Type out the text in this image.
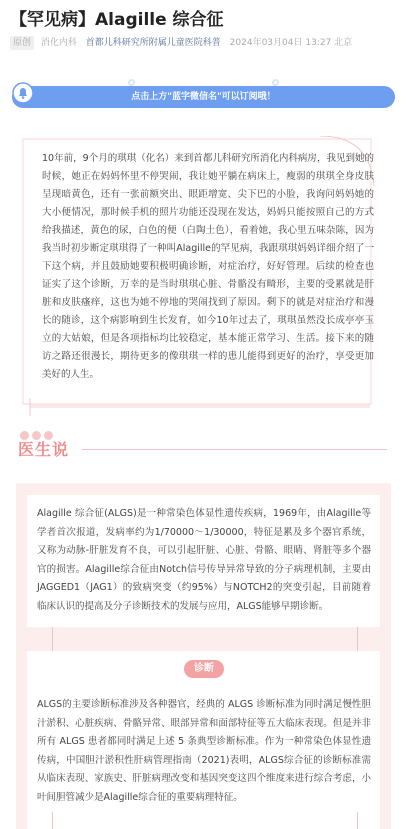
【罕见病】Alagille 综合征
原创 消化内科 首都儿科研究所附属儿童医院科普 2024年03月04日 13:27 北京
点击上方"蓝字微信名"可以订阅哦！
10年前，9个月的琪琪（化名）来到首都儿科研究所消化内科病房，我见到她的时候，她正在妈妈怀里不停哭闹，我让她平躺在病床上，瘦弱的琪琪全身皮肤呈现暗黄色，还有一张前额突出、眼距增宽、尖下巴的小脸，我询问妈妈她的大小便情况，那时候手机的照片功能还没现在发达，妈妈只能按照自己的方式给我描述，黄色的尿，白色的便（白陶土色），看着她，我心里五味杂陈，因为我当时初步断定琪琪得了一种叫Alagille的罕见病，我跟琪琪妈妈详细介绍了一下这个病，并且鼓励她要积极明确诊断，对症治疗，好好管理。后续的检查也证实了这个诊断，万幸的是当时琪琪心脏、骨骼没有畸形，主要的受累就是肝脏和皮肤瘙痒，这也为她不停地的哭闹找到了原因。剩下的就是对症治疗和漫长的随诊，这个病影响到生长发育，如今10年过去了，琪琪虽然没长成亭亭玉立的大姑娘，但是各项指标均比较稳定，基本能正常学习、生活。接下来的随访之路还很漫长，期待更多的像琪琪一样的患儿能得到更好的治疗，享受更加美好的人生。
医生说
Alagille 综合征(ALGS)是一种常染色体显性遗传疾病，1969年，由Alagille等学者首次报道，发病率约为1/70000～1/30000，特征是累及多个器官系统，又称为动脉-肝脏发育不良，可以引起肝脏、心脏、骨骼、眼睛、肾脏等多个器官的损害。Alagille综合征由Notch信号传导异常导致的分子病理机制，主要由JAGGED1（JAG1）的致病突变（约95%）与NOTCH2的突变引起，目前随着临床认识的提高及分子诊断技术的发展与应用，ALGS能够早期诊断。
ALGS的主要诊断标准涉及各种器官，经典的 ALGS 诊断标准为同时满足慢性胆汁淤积、心脏疾病、骨骼异常、眼部异常和面部特征等五大临床表现。但是并非所有 ALGS 患者都同时满足上述 5 条典型诊断标准。作为一种常染色体显性遗传病，中国胆汁淤积性肝病管理指南（2021)表明，ALGS综合征的诊断标准需从临床表现、家族史、肝脏病理改变和基因突变这四个维度来进行综合考虑，小叶间胆管减少是Alagille综合征的重要病理特征。
诊断
